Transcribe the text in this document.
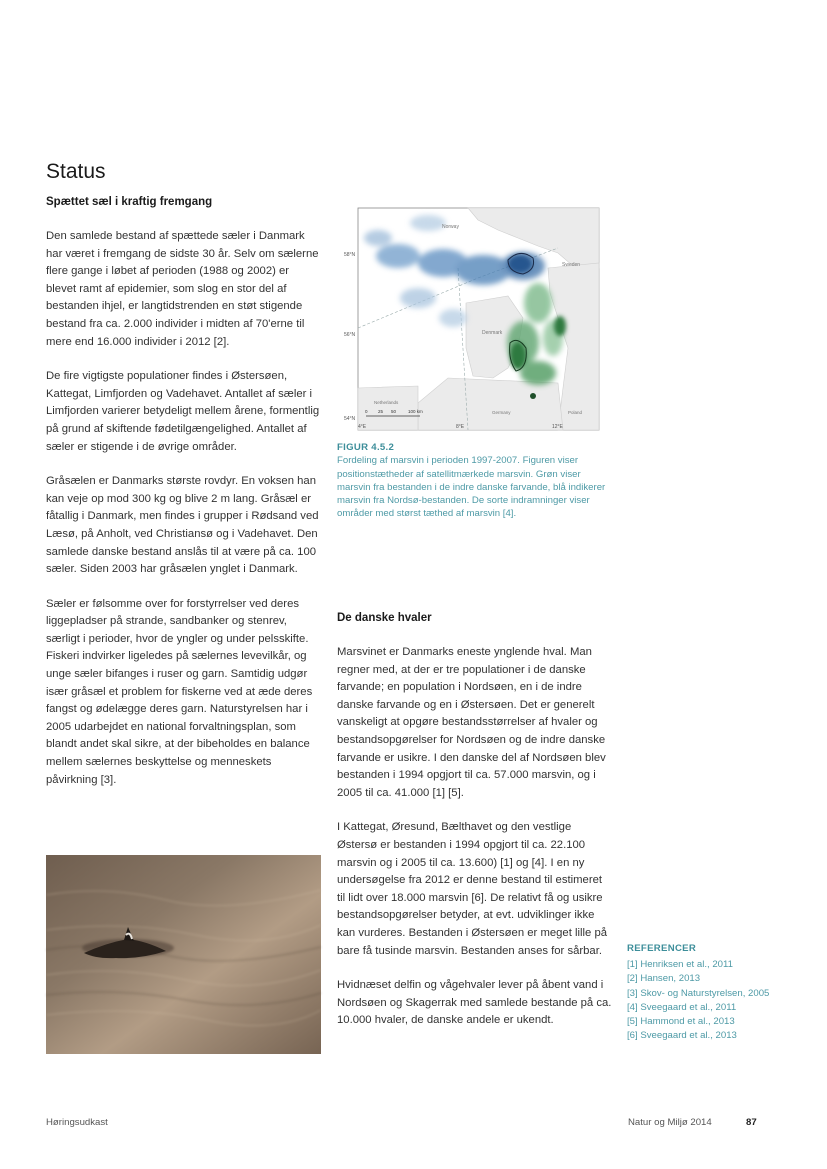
Status
Spættet sæl i kraftig fremgang

Den samlede bestand af spættede sæler i Danmark har været i fremgang de sidste 30 år. Selv om sælerne flere gange i løbet af perioden (1988 og 2002) er blevet ramt af epidemier, som slog en stor del af bestanden ihjel, er langtidstrenden en støt stigende bestand fra ca. 2.000 individer i midten af 70'erne til mere end 16.000 individer i 2012 [2].

De fire vigtigste populationer findes i Østersøen, Kattegat, Limfjorden og Vadehavet. Antallet af sæler i Limfjorden varierer betydeligt mellem årene, formentlig på grund af skiftende fødetilgængelighed. Antallet af sæler er stigende i de øvrige områder.

Gråsælen er Danmarks største rovdyr. En voksen han kan veje op mod 300 kg og blive 2 m lang. Gråsæl er fåtallig i Danmark, men findes i grupper i Rødsand ved Læsø, på Anholt, ved Christiansø og i Vadehavet. Den samlede danske bestand anslås til at være på ca. 100 sæler. Siden 2003 har gråsælen ynglet i Danmark.

Sæler er følsomme over for forstyrrelser ved deres liggepladser på strande, sandbanker og stenrev, særligt i perioder, hvor de yngler og under pelsskifte. Fiskeri indvirker ligeledes på sælernes levevilkår, og unge sæler bifanges i ruser og garn. Samtidig udgør især gråsæl et problem for fiskerne ved at æde deres fangst og ødelægge deres garn. Naturstyrelsen har i 2005 udarbejdet en national forvaltningsplan, som blandt andet skal sikre, at der bibeholdes en balance mellem sælernes beskyttelse og menneskets påvirkning [3].

Norway
Sweden
Denmark
Netherlands
Germany	Poland
58°N
56°N
54°N
4°E	8°E	12°E
0 25 50	100 km
FIGUR 4.5.2
Fordeling af marsvin i perioden 1997-2007. Figuren viser positionstætheder af satellitmærkede marsvin. Grøn viser marsvin fra bestanden i de indre danske farvande, blå indikerer marsvin fra Nordsø-bestanden. De sorte indramninger viser områder med størst tæthed af marsvin [4].
De danske hvaler

Marsvinet er Danmarks eneste ynglende hval. Man regner med, at der er tre populationer i de danske farvande; en population i Nordsøen, en i de indre danske farvande og en i Østersøen. Det er generelt vanskeligt at opgøre bestandsstørrelser af hvaler og bestandsopgørelser for Nordsøen og de indre danske farvande er usikre. I den danske del af Nordsøen blev bestanden i 1994 opgjort til ca. 57.000 marsvin, og i 2005 til ca. 41.000 [1] [5].

I Kattegat, Øresund, Bælthavet og den vestlige Østersø er bestanden i 1994 opgjort til ca. 22.100 marsvin og i 2005 til ca. 13.600) [1] og [4]. I en ny undersøgelse fra 2012 er denne bestand til estimeret til lidt over 18.000 marsvin [6]. De relativt få og usikre bestandsopgørelser betyder, at evt. udviklinger ikke kan vurderes. Bestanden i Østersøen er meget lille på bare få tusinde marsvin. Bestanden anses for sårbar.

Hvidnæset delfin og vågehvaler lever på åbent vand i Nordsøen og Skagerrak med samlede bestande på ca. 10.000 hvaler, de danske andele er ukendt.

REFERENCER
[1] Henriksen et al., 2011
[2] Hansen, 2013
[3] Skov- og Naturstyrelsen, 2005
[4] Sveegaard et al., 2011
[5] Hammond et al., 2013
[6] Sveegaard et al., 2013
Høringsudkast	Natur og Miljø 2014	87
